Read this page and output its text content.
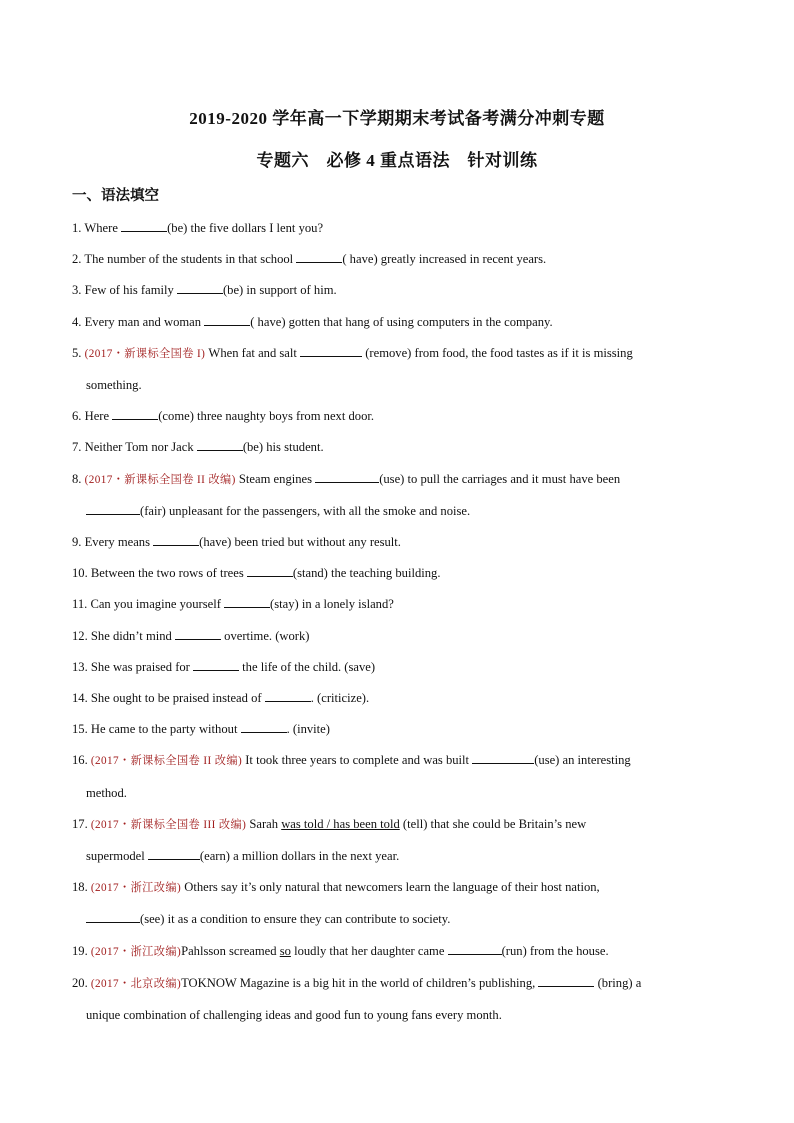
2019-2020 学年高一下学期期末考试备考满分冲刺专题
专题六　必修 4 重点语法　针对训练
一、语法填空
1. Where	(be) the five dollars I lent you?
2. The number of the students in that school	( have) greatly increased in recent years.
3. Few of his family	(be) in support of him.
4. Every man and woman	( have) gotten that hang of using computers in the company.
5. (2017・新课标全国卷 I) When fat and salt	(remove) from food, the food tastes as if it is missing
something.
6. Here	(come) three naughty boys from next door.
7. Neither Tom nor Jack	(be) his student.
8. (2017・新课标全国卷 II 改编) Steam engines	(use) to pull the carriages and it must have been
(fair) unpleasant for the passengers, with all the smoke and noise.
9. Every means	(have) been tried but without any result.
10. Between the two rows of trees	(stand) the teaching building.
11. Can you imagine yourself	(stay) in a lonely island?
12. She didn’t mind	overtime. (work)
13. She was praised for	the life of the child. (save)
14. She ought to be praised instead of	. (criticize).
15. He came to the party without	. (invite)
16. (2017・新课标全国卷 II 改编) It took three years to complete and was built	(use) an interesting
method.
17. (2017・新课标全国卷 III 改编) Sarah was told / has been told (tell) that she could be Britain’s new
supermodel	(earn) a million dollars in the next year.
18. (2017・浙江改编) Others say it’s only natural that newcomers learn the language of their host nation,
(see) it as a condition to ensure they can contribute to society.
19. (2017・浙江改编)Pahlsson screamed so loudly that her daughter came	(run) from the house.
20. (2017・北京改编)TOKNOW Magazine is a big hit in the world of children’s publishing,	(bring) a
unique combination of challenging ideas and good fun to young fans every month.
